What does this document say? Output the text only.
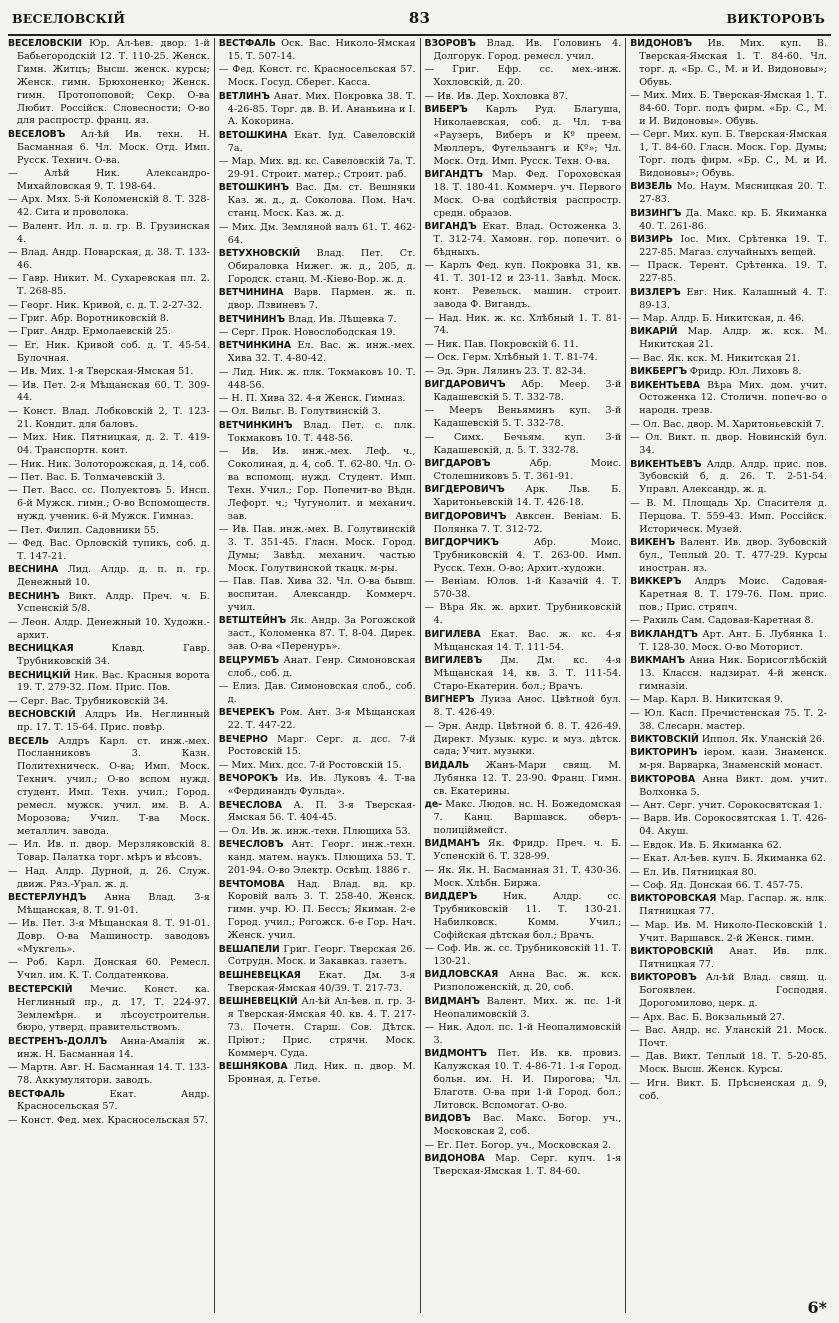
ВЕСЕЛОВСКІЙ	83	ВИКТОРОВЪ
ВЕСЕЛОВСКІЙ Юр. Ал-ѣев. двор. 1-й Бабьегородскій 12. Т. 110-25. Женск. Гимн. Житцъ; Высш. женск. курсы; Женск. гимн. Брюхоненко; Женск. гимн. Протопоповой; Секр. О-ва Любит. Россійск. Словесности; О-во для распростр. франц. яз.
ВЕСЕЛОВЪ Ал-ѣй Ив. техн. Н. Басманная 6. Чл. Моск. Отд. Имп. Русск. Технич. О-ва.
— Алѣй Ник. Александро-Михайловская 9. Т. 198-64.
— Арх. Мях. 5-й Коломенскій 8. Т. 328-42. Сита и проволока.
— Валент. Ил. л. п. гр. В. Грузинская 4.
— Влад. Андр. Поварская, д. 38. Т. 133-46.
— Гавр. Никит. М. Сухаревская пл. 2. Т. 268-85.
— Георг. Ник. Кривой, с. д. Т. 2-27-32.
— Григ. Абр. Воротниковскій 8.
— Григ. Андр. Ермолаевскій 25.
— Ег. Ник. Кривой соб. д. Т. 45-54. Булочная.
— Ив. Мих. 1-я Тверская-Ямская 51.
— Ив. Пет. 2-я Мѣщанская 60. Т. 309-44.
— Конст. Влад. Лобковскій 2, Т. 123-21. Кондит. для баловъ.
— Мих. Ник. Пятницкая, д. 2. Т. 419-04. Транспортн. конт.
— Ник. Ник. Золоторожская, д. 14, соб.
— Пет. Вас. Б. Толмачевскій 3.
— Пет. Васс. сс. Полуектовъ 5. Инсп. 6-й Мужск. гимн.; О-во Вспомоществ. нужд. ученик. 6-й Мужск. Гимназ.
— Пет. Филип. Садовники 55.
— Фед. Вас. Орловскій тупикъ, соб. д. Т. 147-21.
ВЕСНИНА Лид. Алдр. д. п. п. гр. Денежный 10.
ВЕСНИНЪ Викт. Алдр. Преч. ч. Б. Успенскій 5/8.
— Леон. Алдр. Денежный 10. Художн.-архит.
ВЕСНИЦКАЯ	Клавд. Гавр. Трубниковскій 34.
ВЕСНИЦКІЙ Ник. Вас. Красныя ворота 19. Т. 279-32. Пом. Прис. Пов.
— Серг. Вас. Трубниковскій 34.
ВЕСНОВСКІЙ Алдръ Ив. Неглинный пр. 17. Т. 15-64. Прис. повѣр.
ВЕСЕЛЬ Алдръ Карл. ст. инж.-мех. Посланниковъ 3. Казн. Политехническ. О-ва; Имп. Моск. Технич. учил.; О-во вспом нужд. студент. Имп. Техн. учил.; Город. ремесл. мужск. учил. им. В. А. Морозова; Учил. Т-ва Моск. металлич. завода.
— Ил. Ив. п. двор. Мерзляковскій 8. Товар. Палатка торг. мѣръ и вѣсовъ.
— Над. Алдр. Дурной, д. 26. Служ. движ. Ряз.-Урал. ж. д.
ВЕСТЕРЛУНДЪ Анна Влад. 3-я Мѣщанская, 8. Т. 91-01.
— Ив. Пет. 3-я Мѣщанская 8. Т. 91-01. Довр. О-ва Машиностр. заводовъ «Мукгель».
— Роб. Карл. Донская 60. Ремесл. Учил. им. К. Т. Солдатенкова.
ВЕСТЕРСКІЙ Мечиc. Конст. ка. Неглинный пр., д. 17, Т. 224-97. Землемѣрн. и лѣсоустроительн. бюро, утверд. правительствомъ.
ВЕСТРЕНЪ-ДОЛЛЪ Анна-Амалія ж. инж. Н. Басманная 14.
— Мартн. Авг. Н. Басманная 14. Т. 133-78. Аккумуляторн. заводъ.
ВЕСТФАЛЬ	Екат. Андр. Красносельская 57.
— Конст. Фед. мех. Красносельская 57.
ВЕСТФАЛЬ Оск. Вас. Николо-Ямская 15. Т. 507-14.
— Фед. Конст. гс. Красносельская 57. Моск. Госуд. Сберег. Касса.
ВЕТЛИНЪ Анат. Мих. Покровка 38. Т. 4-26-85. Торг. дв. В. И. Ананьина и І. А. Кокорина.
ВЕТОШКИНА Екат. Іуд. Савеловскій 7а.
— Мар. Мих. вд. кс. Савеловскій 7а. Т. 29-91. Строит. матер.; Строит. раб.
ВЕТОШКИНЪ Вас. Дм. ст. Вешняки Каз. ж. д., д. Соколова. Пом. Нач. станц. Моск. Каз. ж. д.
— Мих. Дм. Земляной валъ 61. Т. 462-64.
ВЕТУХНОВСКІЙ Влад. Пет. Ст. Обираловка Нижег. ж. д., 205, д. Городск. станц. М.-Кіево-Вор. ж. д.
ВЕТЧИНИНА Варв. Пармен. ж. п. двор. Лзвиневъ 7.
ВЕТЧИНИНЪ Влад. Ив. Лѣщевка 7.
— Серг. Прок. Новослободская 19.
ВЕТЧИНКИНА Ел. Вас. ж. инж.-мех. Хива 32. Т. 4-80-42.
— Лид. Ник. ж. плк. Токмаковъ 10. Т. 448-56.
— Н. П. Хива 32. 4-я Женск. Гимназ.
— Ол. Вильг. В. Голутвинскій 3.
ВЕТЧИНКИНЪ Влад. Пет. с. плк. Токмаковъ 10. Т. 448-56.
— Ив. Ив. инж.-мех. Леф. ч., Соколиная, д. 4, соб. Т. 62-80. Чл. О-ва вспомощ. нужд. Студент. Имп. Техн. Учил.; Гор. Попечит-во Вѣдн. Лефорт. ч.; Чугунолит. и механич. зав.
— Ив. Пав. инж.-мех. В. Голутвинскій 3. Т. 351-45. Гласн. Моск. Город. Думы; Завѣд. механич. частью Моск. Голутвинской ткацк. м-ры.
— Пав. Пав. Хива 32. Чл. О-ва бывш. воспитан. Александр. Коммерч. учил.
ВЕТШТЕЙНЪ Як. Андр. За Рогожской заст., Коломенка 87. Т. 8-04. Дирек. зав. О-ва «Перенуръ».
ВЕЦРУМБЪ Анат. Генр. Симоновская слоб., соб. д.
— Елиз. Дав. Симоновская слоб., соб. д.
ВЕЧЕРЕКЪ Ром. Ант. 3-я Мѣщанская 22. Т. 447-22.
ВЕЧЕРНО Марг. Серг. д. дсс. 7-й Ростовскій 15.
— Мих. Мих. дсс. 7-й Ростовскій 15.
ВЕЧОРОКЪ Ив. Ив. Луковъ 4. Т-ва «Фердинандъ Фульда».
ВЕЧЕСЛОВА А. П. 3-я Тверская-Ямская 56. Т. 404-45.
— Ол. Ив. ж. инж.-техн. Плющиха 53.
ВЕЧЕСЛОВЪ Ант. Георг. инж.-техн. канд. матем. наукъ. Плющиха 53. Т. 201-94. О-во Электр. Освѣщ. 1886 г.
ВЕЧТОМОВА Над. Влад. вд. кр. Коровій валъ 3. Т. 258-40. Женск. гимн. учр. Ю. П. Бессъ; Якиман. 2-е Город. учил.; Рогожск. 6-е Гор. Нач. Женск. учил.
ВЕШАПЕЛИ Григ. Георг. Тверская 26. Сотрудн. Моск. и Закавказ. газетъ.
ВЕШНЕВЕЦКАЯ Екат. Дм. 3-я Тверская-Ямская 40/39. Т. 217-73.
ВЕШНЕВЕЦКІЙ Ал-ѣй Ал-ѣев. п. гр. 3-я Тверская-Ямская 40. кв. 4. Т. 217-73. Почетн. Старш. Сов. Дѣтск. Пріют.; Прис. стрячн. Моск. Коммерч. Суда.
ВЕШНЯКОВА Лид. Ник. п. двор. М. Бронная, д. Гетье.
ВЗОРОВЪ Влад. Ив. Головинъ 4. Долгорук. Город. ремесл. учил.
— Григ. Ефр. сс. мех.-инж. Хохловскій, д. 20.
— Ив. Ив. Дер. Хохловка 87.
ВИБЕРЪ Карлъ Руд. Благуша, Николаевская, соб. д. Чл. т-ва «Раузеръ, Виберъ и Кº преем. Мюллеръ, Фугельзангъ и Кº»; Чл. Моск. Отд. Имп. Русск. Техн. О-ва.
ВИГАНДТЪ Мар. Фед. Гороховская 18. Т. 180-41. Коммерч. уч. Первого Моск. О-ва содѣйствія распростр. средн. образов.
ВИГАНДЪ Екат. Влад. Остоженка 3. Т. 312-74. Хамовн. гор. попечит. о бѣдныхъ.
— Карлъ Фед. куп. Покровка 31, кв. 41. Т. 301-12 и 23-11. Завѣд. Моск. конт. Ревельск. машин. строит. завода Ф. Вигандъ.
— Над. Ник. ж. кс. Хлѣбный 1. Т. 81-74.
— Ник. Пав. Покровскій 6. 11.
— Оск. Герм. Хлѣбный 1. Т. 81-74.
— Эд. Эрн. Лялинъ 23. Т. 82-34.
ВИГДАРОВИЧЪ Абр. Меер. 3-й Кадашевскій 5. Т. 332-78.
— Мееръ Веньяминъ куп. 3-й Кадашевскій 5. Т. 332-78.
— Симх. Бечьям. куп. 3-й Кадашевскій, д. 5. Т. 332-78.
ВИГДАРОВЪ	Абр. Моис. Столешниковъ 5. Т. 361-91.
ВИГДЕРОВИЧЪ Арк. Льв. Б. Харитоньевскій 14. Т. 426-18.
ВИГДОРОВИЧЪ Авксен. Веніам. Б. Полянка 7. Т. 312-72.
ВИГДОРЧИКЪ	Абр. Моис. Трубниковскій 4. Т. 263-00. Имп. Русск. Техн. О-во; Архит.-художн.
— Веніам. Юлов. 1-й Казачій 4. Т. 570-38.
— Вѣра Як. ж. архит. Трубниковскій 4.
ВИГИЛЕВА Екат. Вас. ж. кс. 4-я Мѣщанская 14. Т. 111-54.
ВИГИЛЕВЪ Дм. Дм. кс. 4-я Мѣщанская 14, кв. 3. Т. 111-54. Старо-Екатерин. бол.; Врачъ.
ВИГНЕРЪ Луиза Анос. Цвѣтной бул. 8. Т. 426-49.
— Эрн. Андр. Цвѣтной б. 8. Т. 426-49. Директ. Музык. курс. и муз. дѣтск. сада; Учит. музыки.
ВИДАЛЬ Жанъ-Мари свящ. М. Лубянка 12. Т. 23-90. Франц. Гимн. св. Екатерины.
де- Макс. Людов. нс. Н. Божедомская 7. Канц. Варшавск. оберъ-полиціймейст.
ВИДМАНЪ Як. Фридр. Преч. ч. Б. Успенскій 6. Т. 328-99.
— Як. Як. Н. Басманная 31. Т. 430-36. Моск. Хлѣбн. Биржа.
ВИДДЕРЪ	Ник. Алдр. сс. Трубниковскій 11. Т. 130-21. Набилковск. Комм. Учил.; Софійская дѣтская бол.; Врачъ.
— Соф. Ив. ж. сс. Трубниковскій 11. Т. 130-21.
ВИДЛОВСКАЯ Анна Вас. ж. кск. Ризположенскій, д. 20, соб.
ВИДМАНЪ Валент. Мих. ж. пс. 1-й Неопалимовскій 3.
— Ник. Адол. пс. 1-й Неопалимовскій 3.
ВИДМОНТЪ Пет. Ив. кв. провиз. Калужская 10. Т. 4-86-71. 1-я Город. больн. им. Н. И. Пирогова; Чл. Благотв. О-ва при 1-й Город. бол.; Литовск. Вспомогат. О-во.
ВИДОВЪ Вас. Макс. Богор. уч., Московская 2, соб.
— Ег. Пет. Богор. уч., Московская 2.
ВИДОНОВА Мар. Серг. купч. 1-я Тверская-Ямская 1. Т. 84-60.
ВИДОНОВЪ Ив. Мих. куп. В. Тверская-Ямская 1. Т. 84-60. Чл. торг. д. «Бр. С., М. и И. Видоновы»; Обувь.
— Мих. Мих. Б. Тверская-Ямская 1. Т. 84-60. Торг. подъ фирм. «Бр. С., М. и И. Видоновы». Обувь.
— Серг. Мих. куп. Б. Тверская-Ямская 1, Т. 84-60. Гласн. Моск. Гор. Думы; Торг. подъ фирм. «Бр. С., М. и И. Видоновы»; Обувь.
ВИЗЕЛЬ Мо. Наум. Мясницкая 20. Т. 27-83.
ВИЗИНГЪ Да. Макс. кр. Б. Якиманка 40. Т. 261-86.
ВИЗИРЬ Іос. Мих. Срѣтенка 19. Т. 227-85. Магаз. случайныхъ вещей.
— Праск. Терент. Срѣтенка. 19. Т. 227-85.
ВИЗЛЕРЪ Евг. Ник. Калашный 4. Т. 89-13.
— Мар. Алдр. Б. Никитская, д. 46.
ВИКАРІЙ Мар. Алдр. ж. кск. М. Никитская 21.
— Вас. Як. кск. М. Никитская 21.
ВИКБЕРГЪ Фридр. Юл. Лиховъ 8.
ВИКЕНТЬЕВА Вѣра Мих. дом. учит. Остоженка 12. Столичн. попеч-во о народн. трезв.
— Ол. Вас. двор. М. Харитоньевскій 7.
— Ол. Викт. п. двор. Новинскій бул. 34.
ВИКЕНТЬЕВЪ Алдр. Алдр. прис. пов. Зубовскій б, д. 26. Т. 2-51-54. Управл. Александр. ж. д.
— В. М. Площадь Хр. Спасителя д. Перцова. Т. 559-43. Имп. Россійск. Историческ. Музей.
ВИКЕНЪ Валент. Ив. двор. Зубовскій бул., Теплый 20. Т. 477-29. Курсы иностран. яз.
ВИККЕРЪ Алдръ Моис. Садовая-Каретная 8. Т. 179-76. Пом. прис. пов.; Прис. стряпч.
— Рахиль Сам. Садовая-Каретная 8.
ВИКЛАНДТЪ Арт. Ант. Б. Лубянка 1. Т. 128-30. Моск. О-во Моторист.
ВИКМАНЪ Анна Ник. Борисоглѣбскій 13. Классн. надзират. 4-й женск. гимназіи.
— Мар. Карл. В. Никитская 9.
— Юл. Касп. Пречистенская 75. Т. 2-38. Слесарн. мастер.
ВИКТОВСКІЙ Иппол. Як. Уланскій 26.
ВИКТОРИНЪ іером. казн. Знаменск. м-ря. Варварка, Знаменскій монаст.
ВИКТОРОВА Анна Викт. дом. учит. Волхонка 5.
— Ант. Серг. учит. Сорокосвятская 1.
— Варв. Ив. Сорокосвятская 1. Т. 426-04. Акуш.
— Евдок. Ив. Б. Якиманка 62.
— Екат. Ал-ѣев. купч. Б. Якиманка 62.
— Ел. Ив. Пятницкая 80.
— Соф. Яд. Донская 66. Т. 457-75.
ВИКТОРОВСКАЯ Мар. Гаспар. ж. нлк. Пятницкая 77.
— Мар. Ив. М. Николо-Песковскій 1. Учит. Варшавск. 2-й Женск. гимн.
ВИКТОРОВСКІЙ Анат. Ив. плк. Пятницкая 77.
ВИКТОРОВЪ Ал-ѣй Влад. свящ. ц. Богоявлен. Господня. Дорогомилово, церк. д.
— Арх. Вас. Б. Вокзальный 27.
— Вас. Андр. нс. Уланскій 21. Моск. Почт.
— Дав. Викт. Теплый 18. Т. 5-20-85. Моск. Высш. Женск. Курсы.
— Игн. Викт. Б. Прѣсненская д. 9, соб.
6*
